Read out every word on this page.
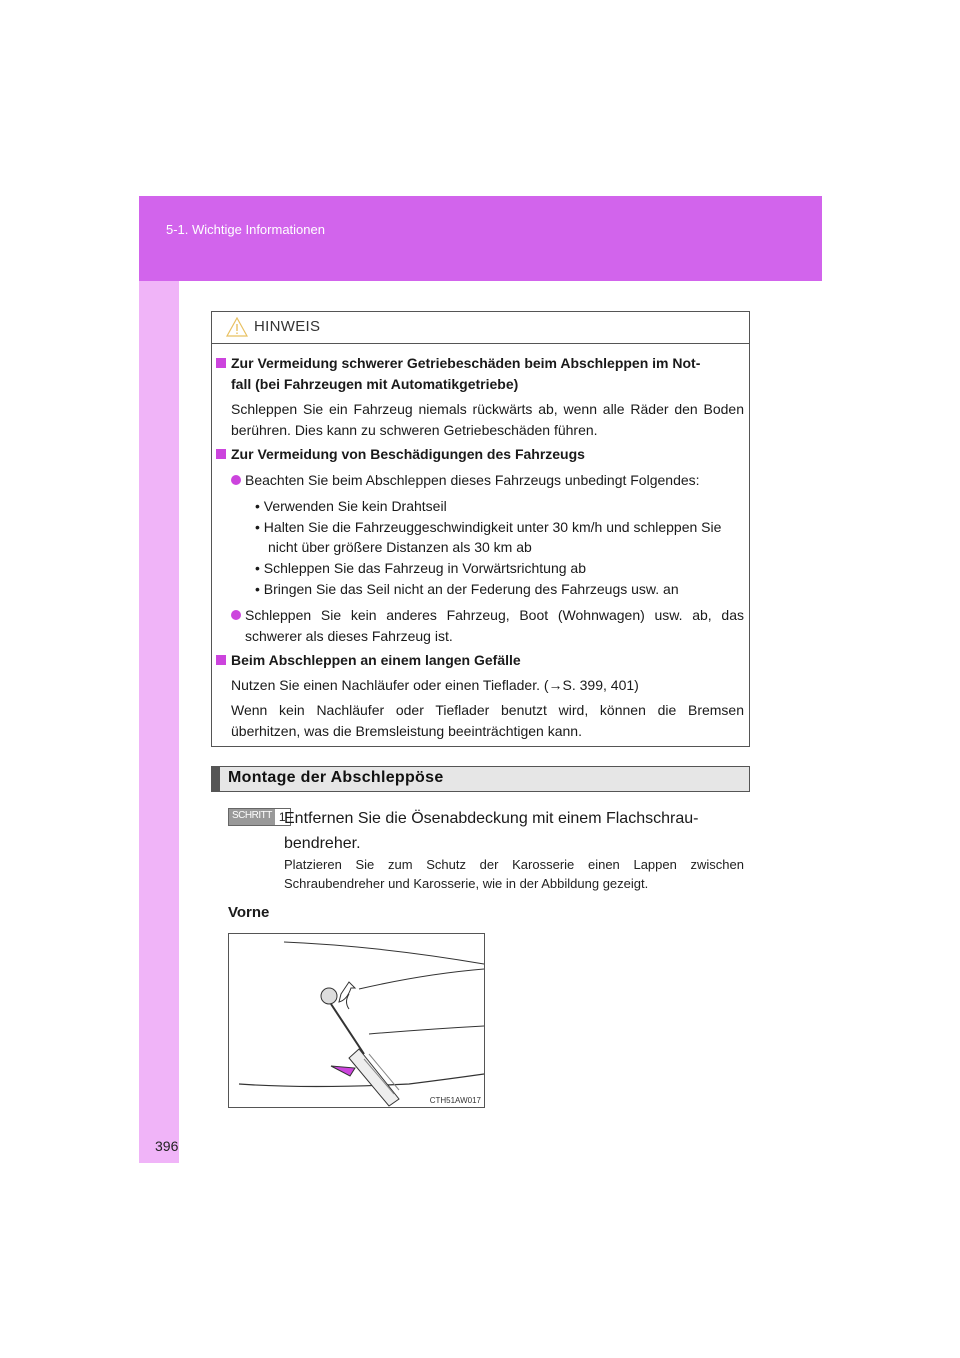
5-1. Wichtige Informationen
396
HINWEIS
Zur Vermeidung schwerer Getriebeschäden beim Abschleppen im Not-
fall (bei Fahrzeugen mit Automatikgetriebe)
Schleppen Sie ein Fahrzeug niemals rückwärts ab, wenn alle Räder den Boden berühren. Dies kann zu schweren Getriebeschäden führen.
Zur Vermeidung von Beschädigungen des Fahrzeugs
Beachten Sie beim Abschleppen dieses Fahrzeugs unbedingt Folgendes:
• Verwenden Sie kein Drahtseil
• Halten Sie die Fahrzeuggeschwindigkeit unter 30 km/h und schleppen Sie nicht über größere Distanzen als 30 km ab
• Schleppen Sie das Fahrzeug in Vorwärtsrichtung ab
• Bringen Sie das Seil nicht an der Federung des Fahrzeugs usw. an
Schleppen Sie kein anderes Fahrzeug, Boot (Wohnwagen) usw. ab, das schwerer als dieses Fahrzeug ist.
Beim Abschleppen an einem langen Gefälle
Nutzen Sie einen Nachläufer oder einen Tieflader. (→S. 399, 401)
Wenn kein Nachläufer oder Tieflader benutzt wird, können die Bremsen überhitzen, was die Bremsleistung beeinträchtigen kann.
Montage der Abschleppöse
SCHRITT 1
Entfernen Sie die Ösenabdeckung mit einem Flachschrau-
bendreher.
Platzieren Sie zum Schutz der Karosserie einen Lappen zwischen Schraubendreher und Karosserie, wie in der Abbildung gezeigt.
Vorne
CTH51AW017
